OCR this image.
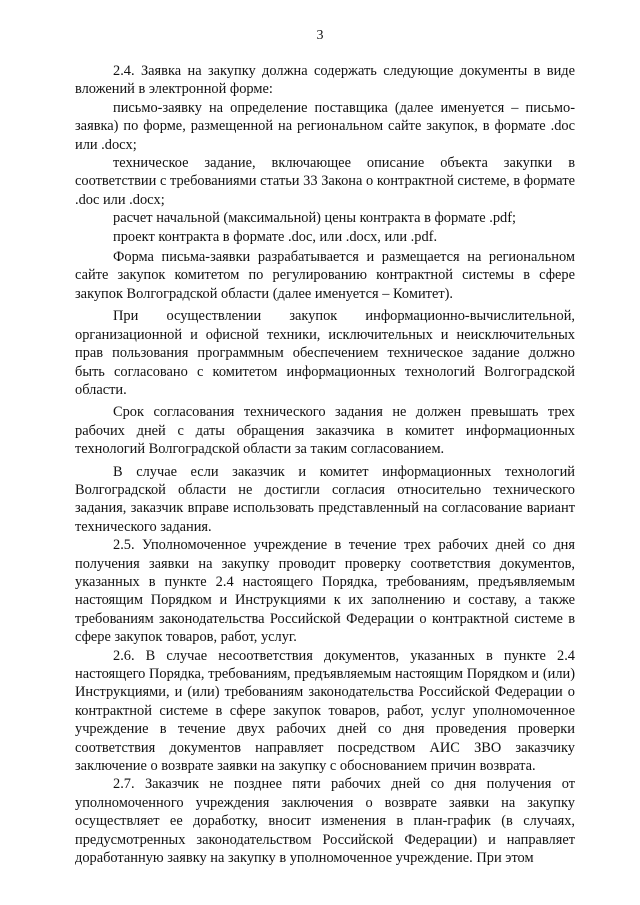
3

2.4. Заявка на закупку должна содержать следующие документы в виде вложений в электронной форме:

письмо-заявку на определение поставщика (далее именуется – письмо-заявка) по форме, размещенной на региональном сайте закупок, в формате .doc или .docx;

техническое задание, включающее описание объекта закупки в соответствии с требованиями статьи 33 Закона о контрактной системе, в формате .doc или .docx;

расчет начальной (максимальной) цены контракта в формате .pdf;

проект контракта в формате .doc, или .docx, или .pdf.

Форма письма-заявки разрабатывается и размещается на региональном сайте закупок комитетом по регулированию контрактной системы в сфере закупок Волгоградской области (далее именуется – Комитет).

При осуществлении закупок информационно-вычислительной, организационной и офисной техники, исключительных и неисключительных прав пользования программным обеспечением техническое задание должно быть согласовано с комитетом информационных технологий Волгоградской области.

Срок согласования технического задания не должен превышать трех рабочих дней с даты обращения заказчика в комитет информационных технологий Волгоградской области за таким согласованием.

В случае если заказчик и комитет информационных технологий Волгоградской области не достигли согласия относительно технического задания, заказчик вправе использовать представленный на согласование вариант технического задания.

2.5. Уполномоченное учреждение в течение трех рабочих дней со дня получения заявки на закупку проводит проверку соответствия документов, указанных в пункте 2.4 настоящего Порядка, требованиям, предъявляемым настоящим Порядком и Инструкциями к их заполнению и составу, а также требованиям законодательства Российской Федерации о контрактной системе в сфере закупок товаров, работ, услуг.

2.6. В случае несоответствия документов, указанных в пункте 2.4 настоящего Порядка, требованиям, предъявляемым настоящим Порядком и (или) Инструкциями, и (или) требованиям законодательства Российской Федерации о контрактной системе в сфере закупок товаров, работ, услуг уполномоченное учреждение в течение двух рабочих дней со дня проведения проверки соответствия документов направляет посредством АИС ЗВО заказчику заключение о возврате заявки на закупку с обоснованием причин возврата.

2.7. Заказчик не позднее пяти рабочих дней со дня получения от уполномоченного учреждения заключения о возврате заявки на закупку осуществляет ее доработку, вносит изменения в план-график (в случаях, предусмотренных законодательством Российской Федерации) и направляет доработанную заявку на закупку в уполномоченное учреждение. При этом
